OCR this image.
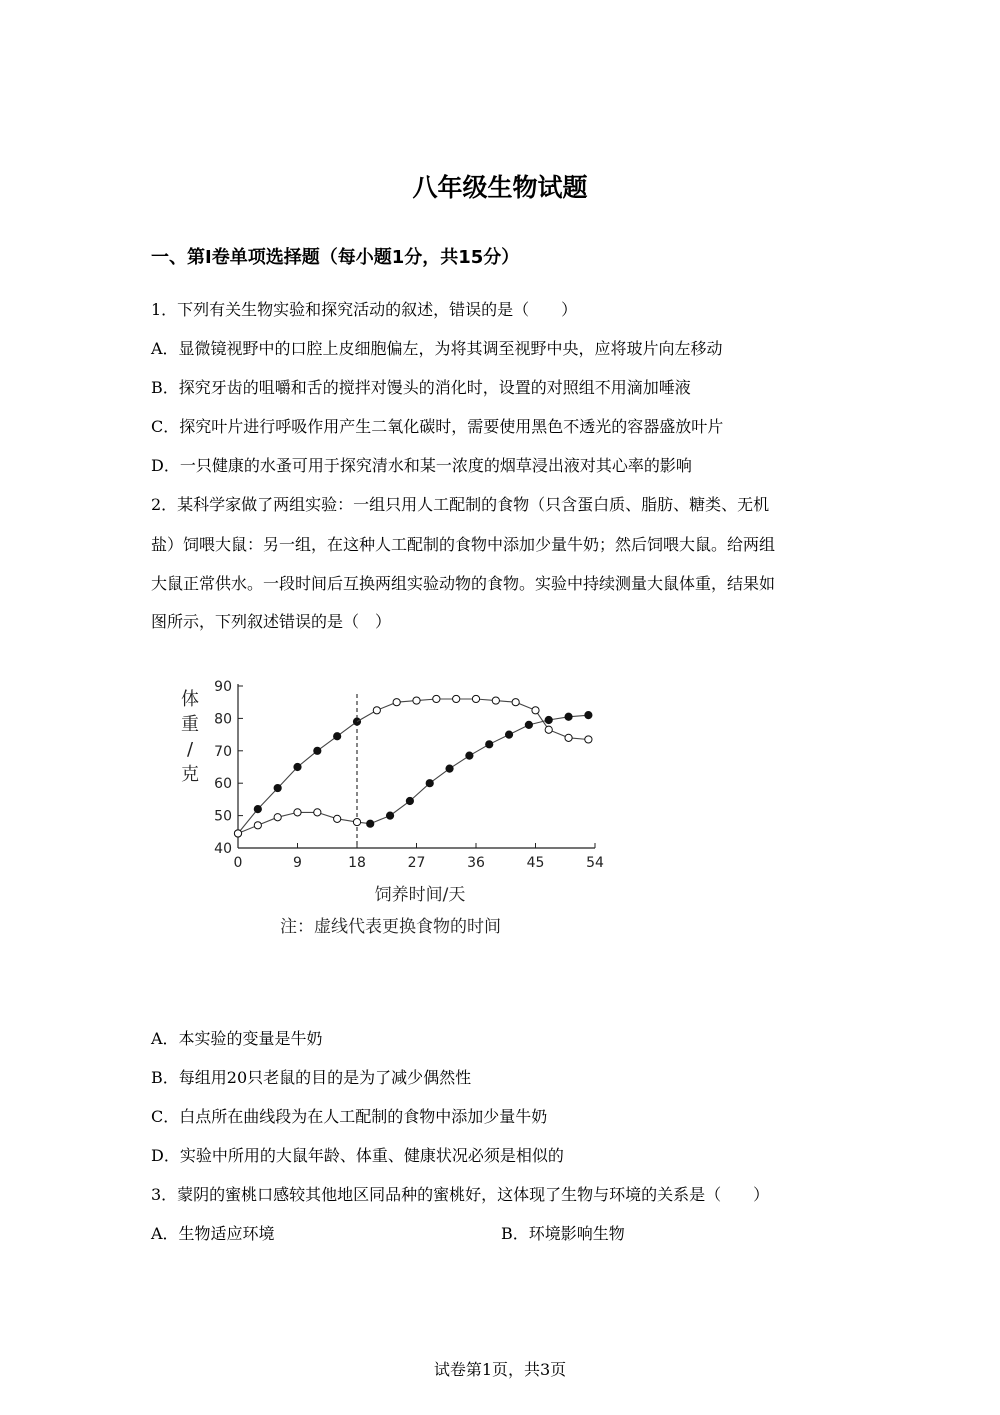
八年级生物试题
一、第Ⅰ卷单项选择题（每小题1分，共15分）
1．下列有关生物实验和探究活动的叙述，错误的是（　　）
A．显微镜视野中的口腔上皮细胞偏左，为将其调至视野中央，应将玻片向左移动
B．探究牙齿的咀嚼和舌的搅拌对馒头的消化时，设置的对照组不用滴加唾液
C．探究叶片进行呼吸作用产生二氧化碳时，需要使用黑色不透光的容器盛放叶片
D．一只健康的水蚤可用于探究清水和某一浓度的烟草浸出液对其心率的影响
2．某科学家做了两组实验：一组只用人工配制的食物（只含蛋白质、脂肪、糖类、无机
盐）饲喂大鼠：另一组，在这种人工配制的食物中添加少量牛奶；然后饲喂大鼠。给两组
大鼠正常供水。一段时间后互换两组实验动物的食物。实验中持续测量大鼠体重，结果如
图所示，下列叙述错误的是（　）
体
重
/
克
40
50
60
70
80
90
0	9	18	27	36	45	54
饲养时间/天
注：虚线代表更换食物的时间
A．本实验的变量是牛奶
B．每组用20只老鼠的目的是为了减少偶然性
C．白点所在曲线段为在人工配制的食物中添加少量牛奶
D．实验中所用的大鼠年龄、体重、健康状况必须是相似的
3．蒙阴的蜜桃口感较其他地区同品种的蜜桃好，这体现了生物与环境的关系是（　　）
A．生物适应环境	B．环境影响生物
试卷第1页，共3页
